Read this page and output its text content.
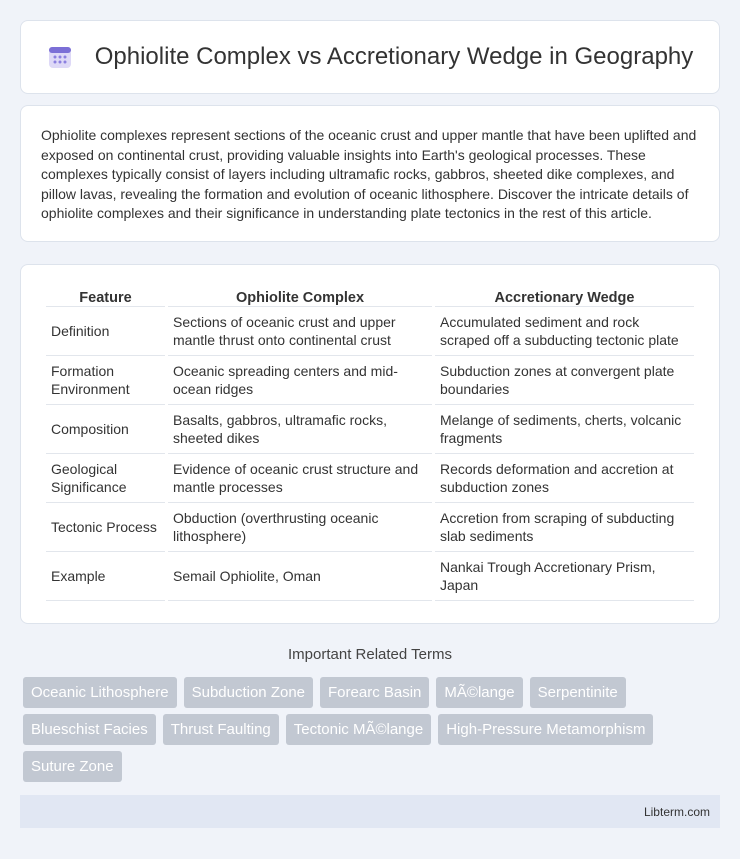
Ophiolite Complex vs Accretionary Wedge in Geography

Ophiolite complexes represent sections of the oceanic crust and upper mantle that have been uplifted and exposed on continental crust, providing valuable insights into Earth's geological processes. These complexes typically consist of layers including ultramafic rocks, gabbros, sheeted dike complexes, and pillow lavas, revealing the formation and evolution of oceanic lithosphere. Discover the intricate details of ophiolite complexes and their significance in understanding plate tectonics in the rest of this article.

Feature	Ophiolite Complex	Accretionary Wedge
Definition	Sections of oceanic crust and upper mantle thrust onto continental crust	Accumulated sediment and rock scraped off a subducting tectonic plate
Formation Environment	Oceanic spreading centers and mid-ocean ridges	Subduction zones at convergent plate boundaries
Composition	Basalts, gabbros, ultramafic rocks, sheeted dikes	Melange of sediments, cherts, volcanic fragments
Geological Significance	Evidence of oceanic crust structure and mantle processes	Records deformation and accretion at subduction zones
Tectonic Process	Obduction (overthrusting oceanic lithosphere)	Accretion from scraping of subducting slab sediments
Example	Semail Ophiolite, Oman	Nankai Trough Accretionary Prism, Japan
Important Related Terms
Oceanic Lithosphere	Subduction Zone	Forearc Basin	MÃ©lange	Serpentinite
Blueschist Facies	Thrust Faulting	Tectonic MÃ©lange	High-Pressure Metamorphism
Suture Zone
Libterm.com
